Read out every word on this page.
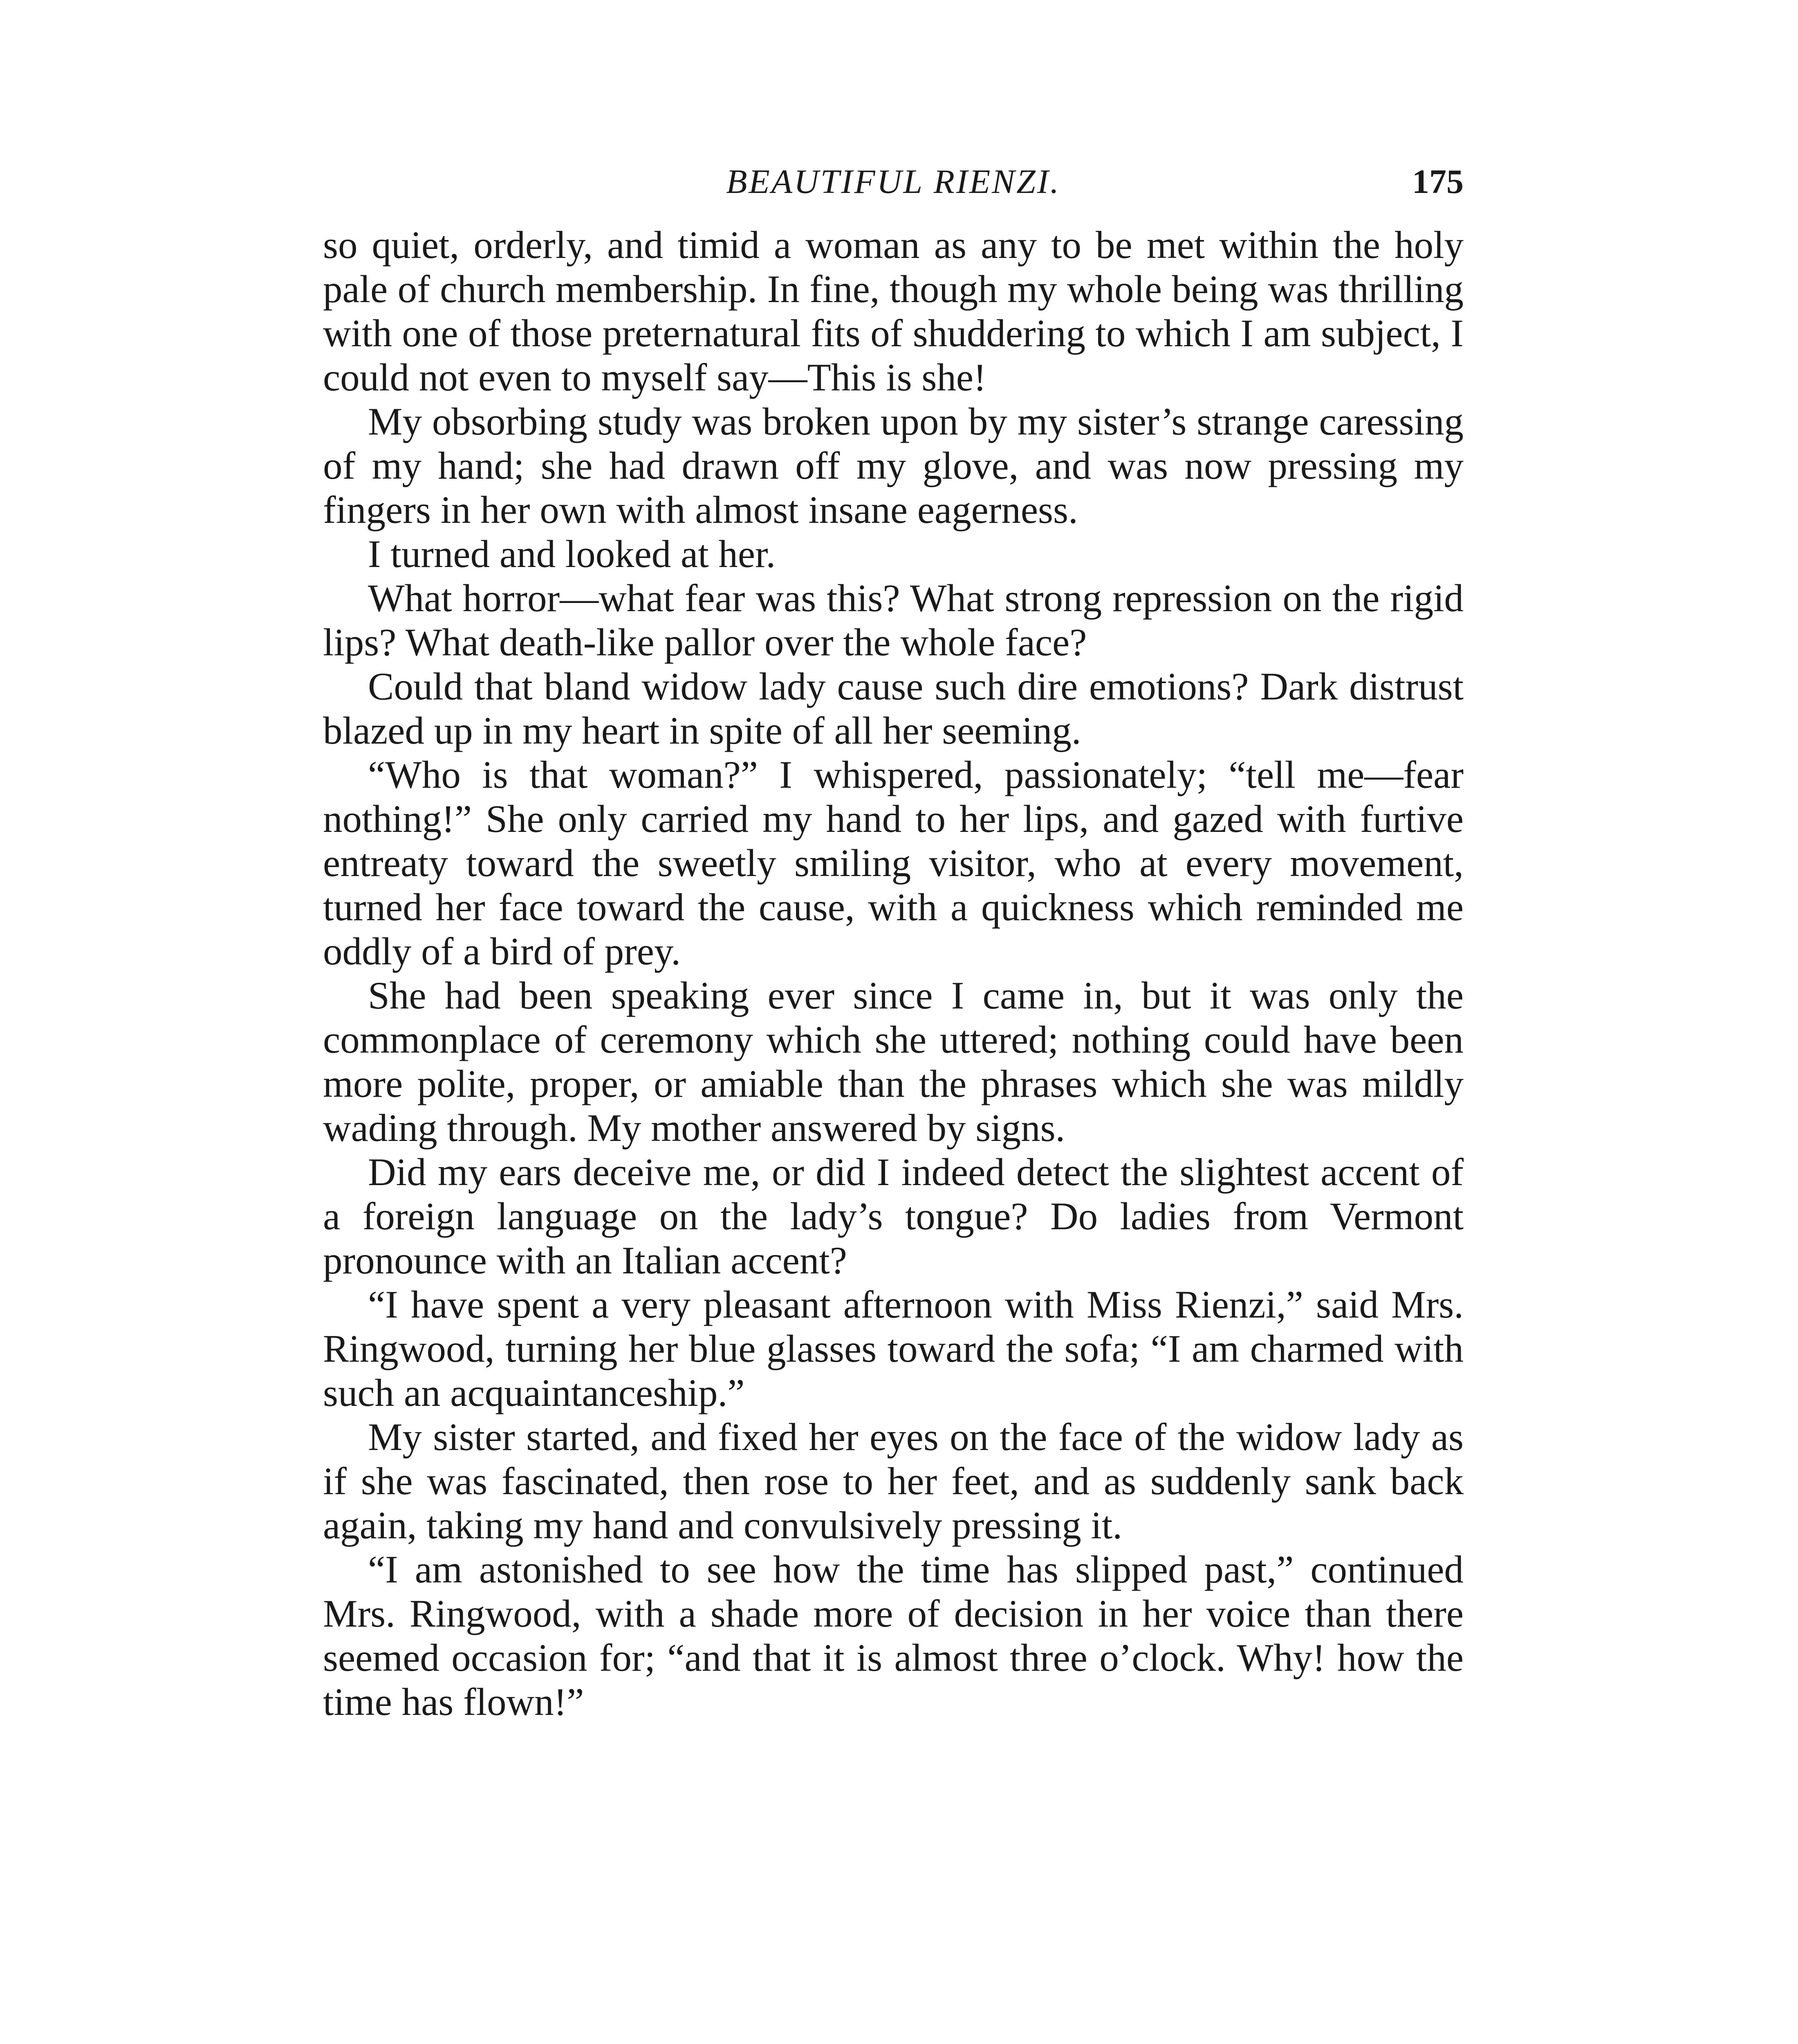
BEAUTIFUL RIENZI.	175

so quiet, orderly, and timid a woman as any to be met within the holy pale of church membership. In fine, though my whole being was thrilling with one of those preternatural fits of shuddering to which I am subject, I could not even to myself say—This is she!

My obsorbing study was broken upon by my sister’s strange caressing of my hand; she had drawn off my glove, and was now pressing my fingers in her own with almost insane eagerness.

I turned and looked at her.

What horror—what fear was this? What strong repression on the rigid lips? What death-like pallor over the whole face?

Could that bland widow lady cause such dire emotions? Dark distrust blazed up in my heart in spite of all her seeming.

“Who is that woman?” I whispered, passionately; “tell me—fear nothing!” She only carried my hand to her lips, and gazed with furtive entreaty toward the sweetly smiling visitor, who at every movement, turned her face toward the cause, with a quickness which reminded me oddly of a bird of prey.

She had been speaking ever since I came in, but it was only the commonplace of ceremony which she uttered; nothing could have been more polite, proper, or amiable than the phrases which she was mildly wading through. My mother answered by signs.

Did my ears deceive me, or did I indeed detect the slightest accent of a foreign language on the lady’s tongue? Do ladies from Vermont pronounce with an Italian accent?

“I have spent a very pleasant afternoon with Miss Rienzi,” said Mrs. Ringwood, turning her blue glasses toward the sofa; “I am charmed with such an acquaintanceship.”

My sister started, and fixed her eyes on the face of the widow lady as if she was fascinated, then rose to her feet, and as suddenly sank back again, taking my hand and convulsively pressing it.

“I am astonished to see how the time has slipped past,” continued Mrs. Ringwood, with a shade more of decision in her voice than there seemed occasion for; “and that it is almost three o’clock. Why! how the time has flown!”
